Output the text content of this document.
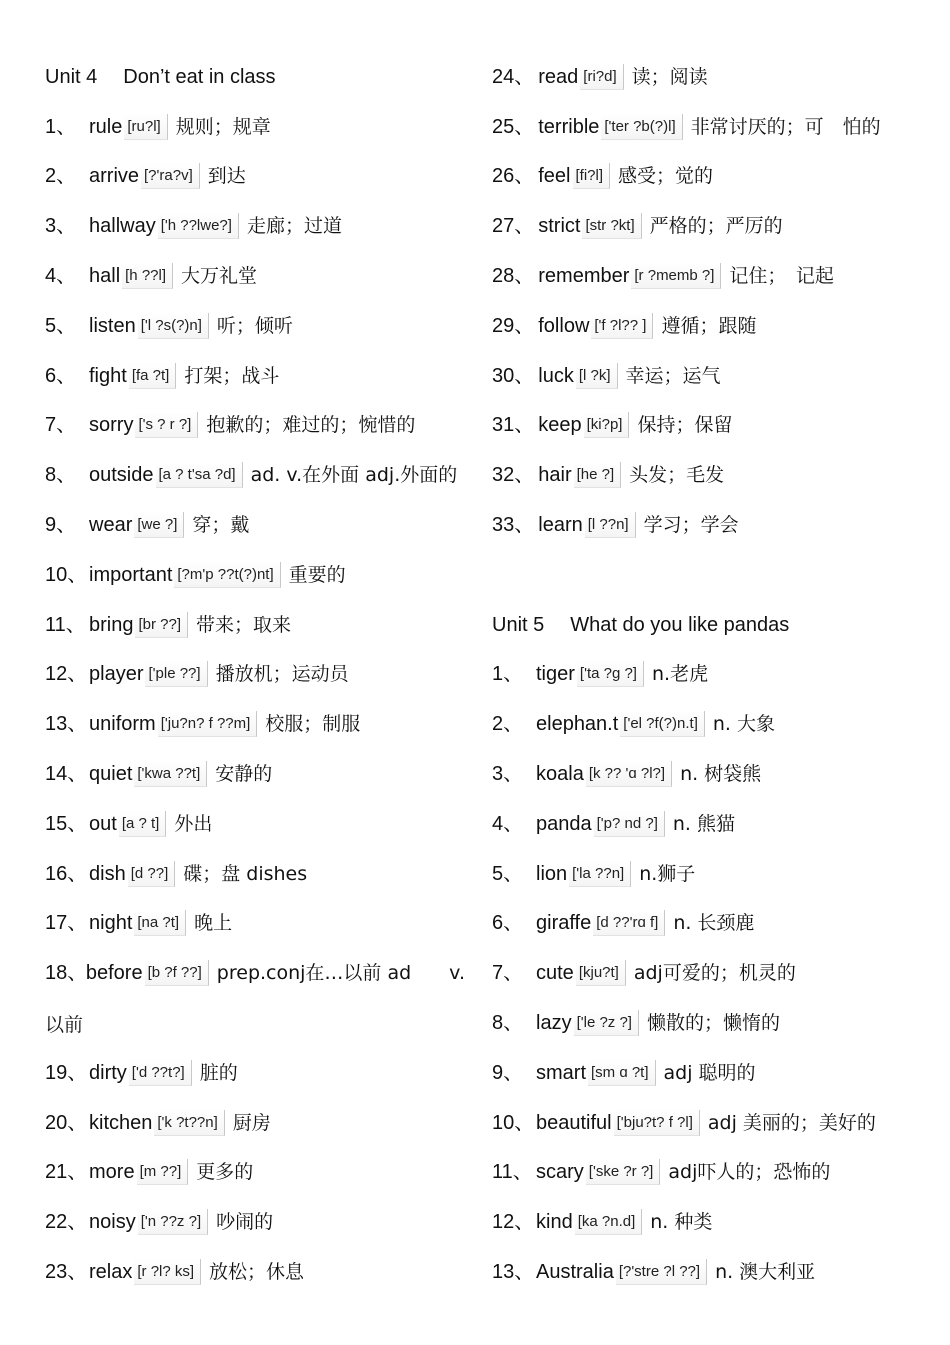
Unit 4 Don’t eat in class
1、 rule [ru?l] 规则；规章
2、 arrive [?'ra?v] 到达
3、 hallway ['h ??lwe?] 走廊；过道
4、 hall [h ??l] 大万礼堂
5、 listen ['l ?s(?)n] 听；倾听
6、 fight [fa ?t] 打架；战斗
7、 sorry ['s ? r ?] 抱歉的；难过的；惋惜的
8、 outside [a ? t'sa ?d] ad. v.在外面 adj.外面的
9、 wear [we ?] 穿；戴
10、 important [?m'p ??t(?)nt] 重要的
11、 bring [br ??] 带来；取来
12、 player ['ple ??] 播放机；运动员
13、 uniform ['ju?n? f ??m] 校服；制服
14、 quiet ['kwa ??t] 安静的
15、 out [a ? t] 外出
16、 dish [d ??] 碟；盘 dishes
17、 night [na ?t] 晚上
18、
before [b ?f ??] prep.conj在…以前 ad　　v.
以前
19、 dirty ['d ??t?] 脏的
20、 kitchen ['k ?t??n] 厨房
21、 more [m ??] 更多的
22、 noisy ['n ??z ?] 吵闹的
23、 relax [r ?l? ks] 放松；休息
24、 read [ri?d] 读；阅读
25、 terrible ['ter ?b(?)l] 非常讨厌的；可　怕的
26、 feel [fi?l] 感受；觉的
27、 strict [str ?kt] 严格的；严厉的
28、 remember [r ?memb ?] 记住；　记起
29、 follow ['f ?l?? ] 遵循；跟随
30、 luck [l ?k] 幸运；运气
31、 keep [ki?p] 保持；保留
32、 hair [he ?] 头发；毛发
33、 learn [l ??n] 学习；学会
Unit 5 What do you like pandas
1、 tiger ['ta ?g ?] n.老虎
2、 elephan.t ['el ?f(?)n.t] n. 大象
3、 koala [k ?? 'ɑ ?l?] n. 树袋熊
4、 panda ['p? nd ?] n. 熊猫
5、 lion ['la ??n] n.狮子
6、 giraffe [d ??'rɑ f] n. 长颈鹿
7、 cute [kju?t] adj可爱的；机灵的
8、 lazy ['le ?z ?] 懒散的；懒惰的
9、 smart [sm ɑ ?t] adj 聪明的
10、 beautiful ['bju?t? f ?l] adj 美丽的；美好的
11、 scary ['ske ?r ?] adj吓人的；恐怖的
12、 kind [ka ?n.d] n. 种类
13、 Australia [?'stre ?l ??] n. 澳大利亚
